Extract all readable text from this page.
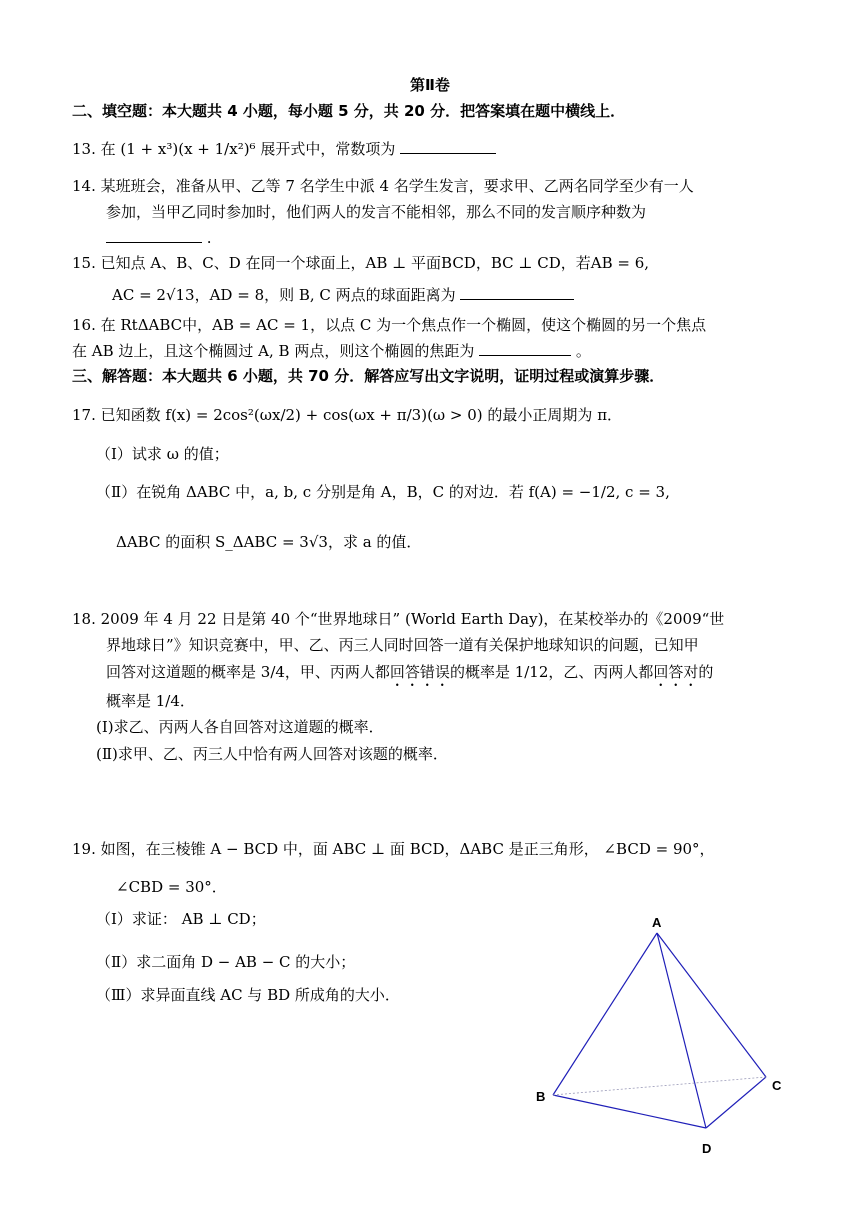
第Ⅱ卷
二、填空题：本大题共 4 小题，每小题 5 分，共 20 分．把答案填在题中横线上．
13. 在 (1 + x³)(x + 1/x²)⁶ 展开式中，常数项为
14. 某班班会，准备从甲、乙等 7 名学生中派 4 名学生发言，要求甲、乙两名同学至少有一人
参加，当甲乙同时参加时，他们两人的发言不能相邻，那么不同的发言顺序种数为
.
15. 已知点 A、B、C、D 在同一个球面上，AB ⊥ 平面BCD，BC ⊥ CD，若AB = 6,
AC = 2√13，AD = 8，则 B, C 两点的球面距离为
16. 在 RtΔABC中，AB = AC = 1，以点 C 为一个焦点作一个椭圆，使这个椭圆的另一个焦点
在 AB 边上，且这个椭圆过 A, B 两点，则这个椭圆的焦距为	。
三、解答题：本大题共 6 小题，共 70 分．解答应写出文字说明，证明过程或演算步骤．
17. 已知函数 f(x) = 2cos²(ωx/2) + cos(ωx + π/3)(ω > 0) 的最小正周期为 π．
（Ⅰ）试求 ω 的值；
（Ⅱ）在锐角 ΔABC 中，a, b, c 分别是角 A，B，C 的对边．若 f(A) = −1/2, c = 3,
ΔABC 的面积 S_ΔABC = 3√3，求 a 的值．
18. 2009 年 4 月 22 日是第 40 个“世界地球日” (World Earth Day)，在某校举办的《2009“世
界地球日”》知识竞赛中，甲、乙、丙三人同时回答一道有关保护地球知识的问题，已知甲
回答对这道题的概率是 3/4，甲、丙两人都回答错误的概率是 1/12，乙、丙两人都回答对的
概率是 1/4．
(Ⅰ)求乙、丙两人各自回答对这道题的概率．
(Ⅱ)求甲、乙、丙三人中恰有两人回答对该题的概率．
19. 如图，在三棱锥 A − BCD 中，面 ABC ⊥ 面 BCD，ΔABC 是正三角形， ∠BCD = 90°，
∠CBD = 30°．
（Ⅰ）求证： AB ⊥ CD；
（Ⅱ）求二面角 D − AB − C 的大小；
（Ⅲ）求异面直线 AC 与 BD 所成角的大小．
A
B
C
D
